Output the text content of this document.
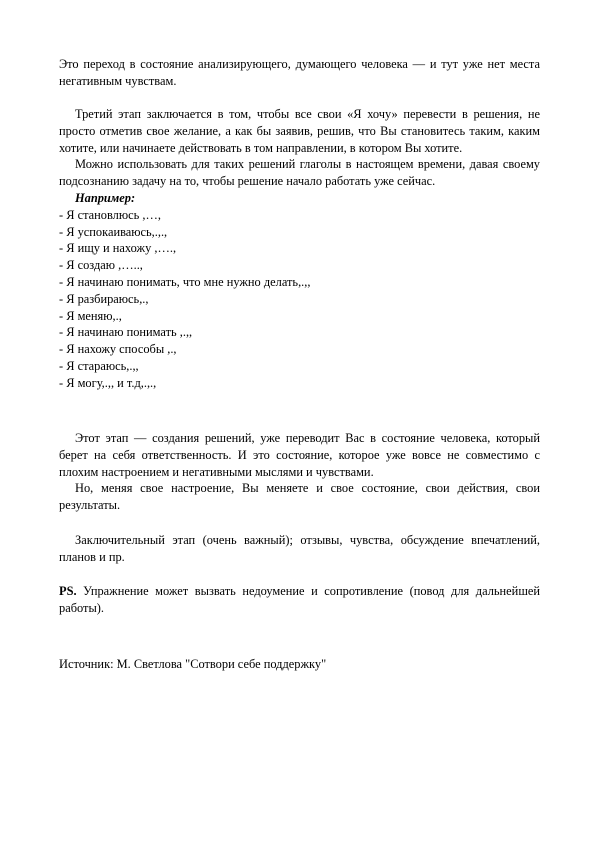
Это переход в состояние анализирующего, думающего человека — и тут уже нет места негативным чувствам.

Третий этап заключается в том, чтобы все свои «Я хочу» перевести в решения, не просто отметив свое желание, а как бы заявив, решив, что Вы становитесь таким, каким хотите, или начинаете действовать в том направлении, в котором Вы хотите.

Можно использовать для таких решений глаголы в настоящем времени, давая своему подсознанию задачу на то, чтобы решение начало работать уже сейчас.

Например:

- Я становлюсь ,…,
- Я успокаиваюсь,.,.,
- Я ищу и нахожу ,….,
- Я создаю ,…..,
- Я начинаю понимать, что мне нужно делать,.,,
- Я разбираюсь,.,
- Я меняю,.,
- Я начинаю понимать ,.,,
- Я нахожу способы ,.,
- Я стараюсь,.,,
- Я могу,.,, и т.д,.,.,

Этот этап — создания решений, уже переводит Вас в состояние человека, который берет на себя ответственность. И это состояние, которое уже вовсе не совместимо с плохим настроением и негативными мыслями и чувствами.

Но, меняя свое настроение, Вы меняете и свое состояние, свои действия, свои результаты.

Заключительный этап (очень важный); отзывы, чувства, обсуждение впечатлений, планов и пр.

PS. Упражнение может вызвать недоумение и сопротивление (повод для дальнейшей работы).

Источник: М. Светлова "Сотвори себе поддержку"
